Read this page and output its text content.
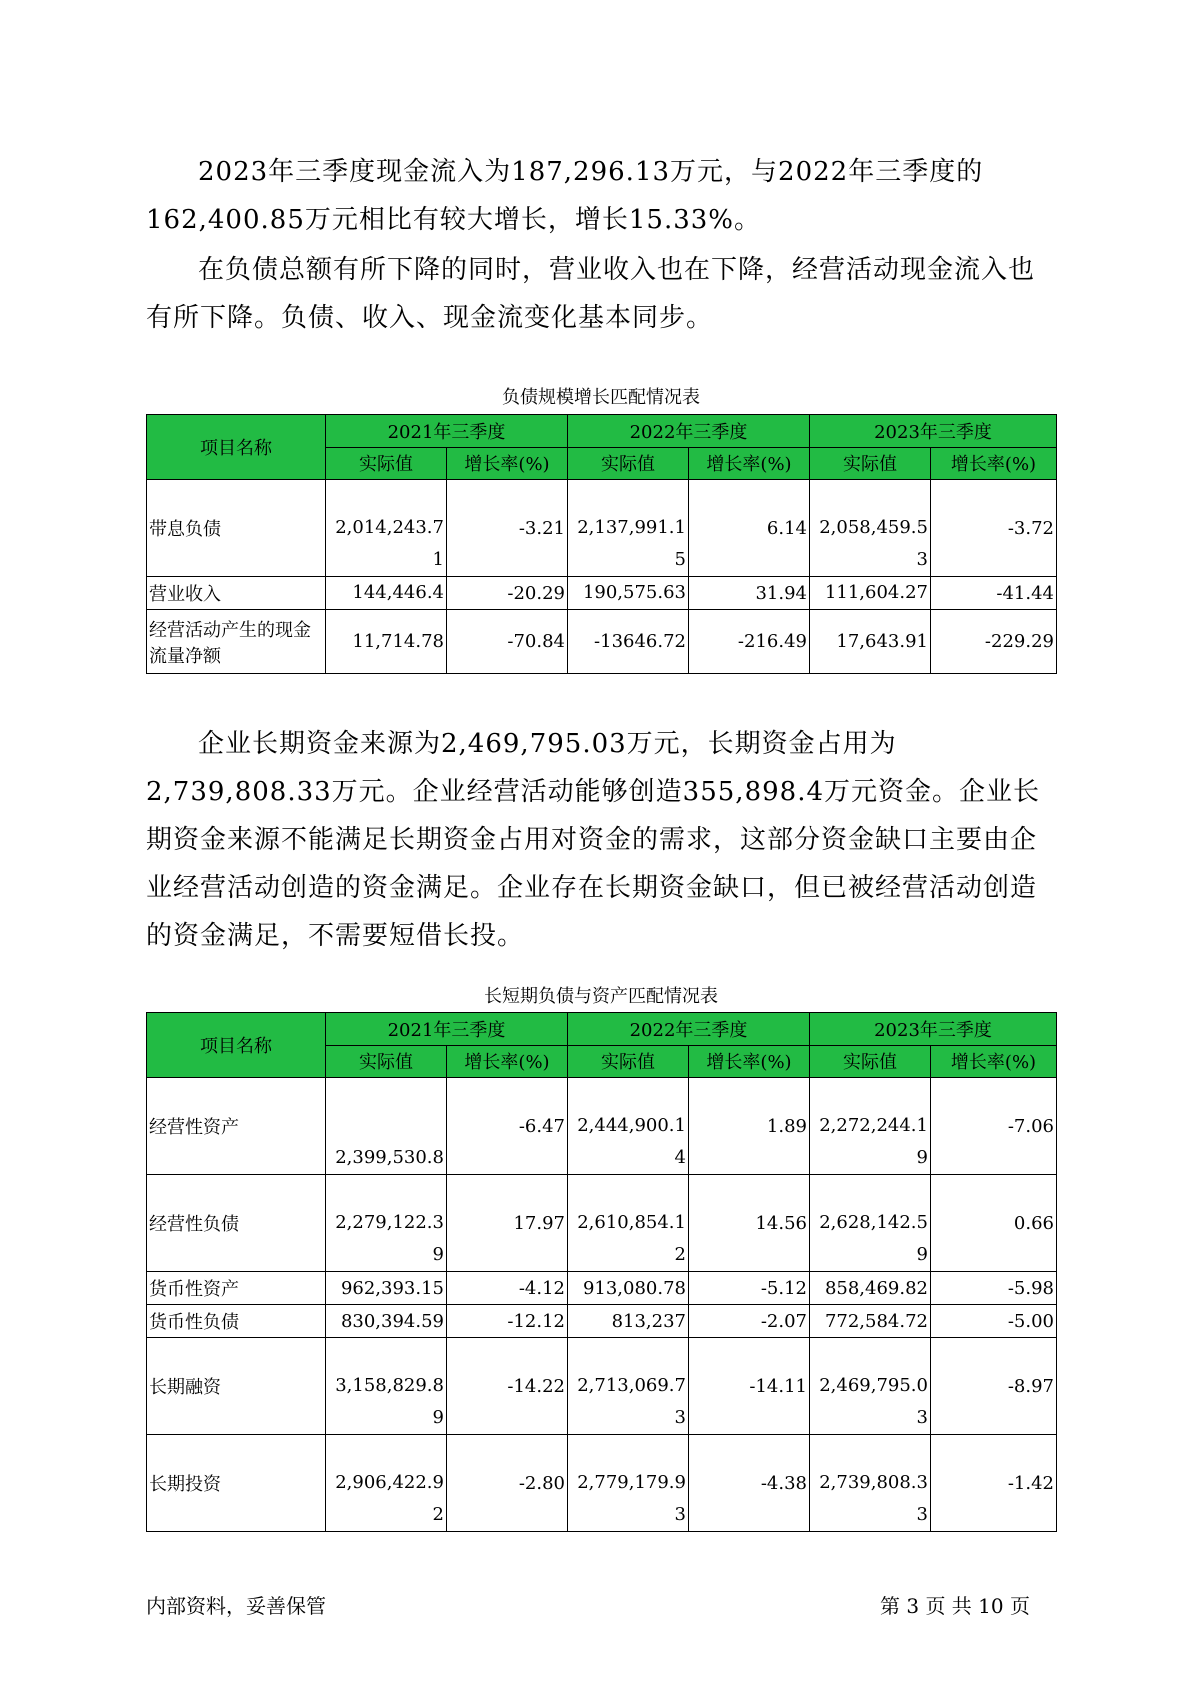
2023年三季度现金流入为187,296.13万元，与2022年三季度的162,400.85万元相比有较大增长，增长15.33%。

在负债总额有所下降的同时，营业收入也在下降，经营活动现金流入也有所下降。负债、收入、现金流变化基本同步。

负债规模增长匹配情况表
项目名称	2021年三季度		2022年三季度		2023年三季度	
	实际值	增长率(%)	实际值	增长率(%)	实际值	增长率(%)
带息负债	2,014,243.71	-3.21	2,137,991.15	6.14	2,058,459.53	-3.72
营业收入	144,446.4	-20.29	190,575.63	31.94	111,604.27	-41.44
经营活动产生的现金流量净额	11,714.78	-70.84	-13646.72	-216.49	17,643.91	-229.29

企业长期资金来源为2,469,795.03万元，长期资金占用为2,739,808.33万元。企业经营活动能够创造355,898.4万元资金。企业长期资金来源不能满足长期资金占用对资金的需求，这部分资金缺口主要由企业经营活动创造的资金满足。企业存在长期资金缺口，但已被经营活动创造的资金满足，不需要短借长投。

长短期负债与资产匹配情况表
项目名称	2021年三季度		2022年三季度		2023年三季度	
	实际值	增长率(%)	实际值	增长率(%)	实际值	增长率(%)
经营性资产	2,399,530.8	-6.47	2,444,900.14	1.89	2,272,244.19	-7.06
经营性负债	2,279,122.39	17.97	2,610,854.12	14.56	2,628,142.59	0.66
货币性资产	962,393.15	-4.12	913,080.78	-5.12	858,469.82	-5.98
货币性负债	830,394.59	-12.12	813,237	-2.07	772,584.72	-5.00
长期融资	3,158,829.89	-14.22	2,713,069.73	-14.11	2,469,795.03	-8.97
长期投资	2,906,422.92	-2.80	2,779,179.93	-4.38	2,739,808.33	-1.42
内部资料，妥善保管	第 3 页 共 10 页
